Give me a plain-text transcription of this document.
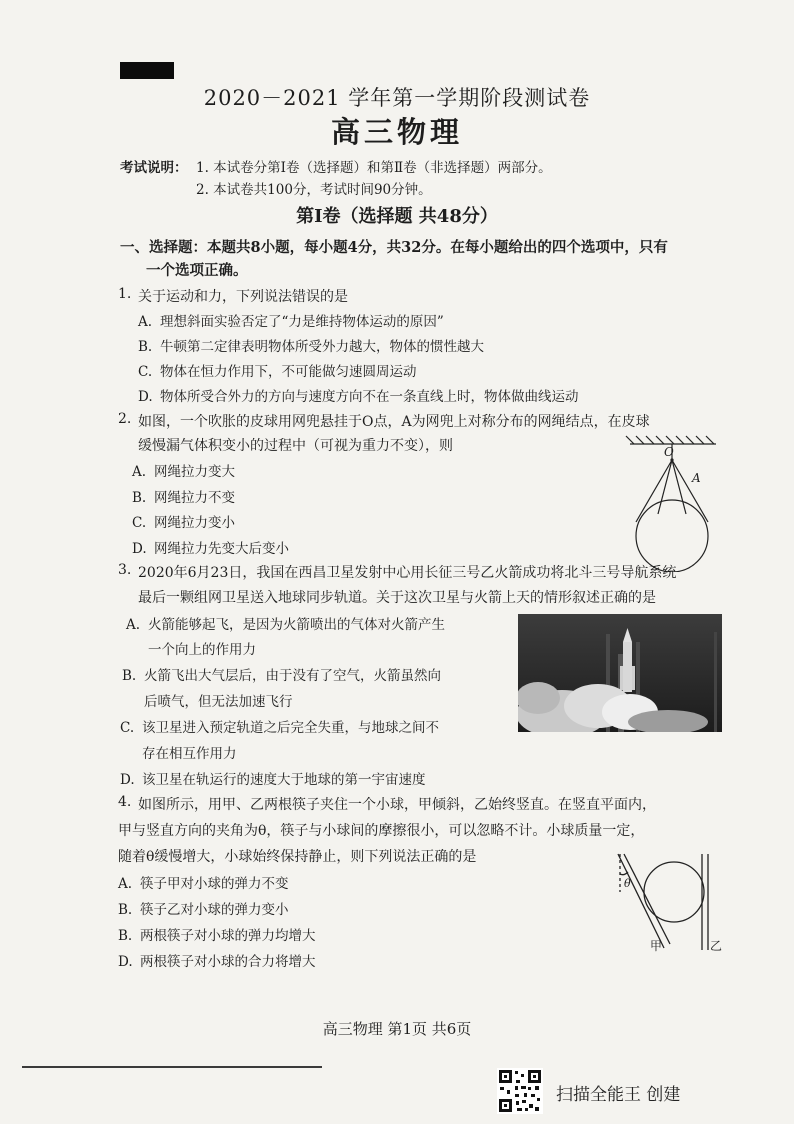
2020－2021 学年第一学期阶段测试卷
高三物理
考试说明： 1. 本试卷分第Ⅰ卷（选择题）和第Ⅱ卷（非选择题）两部分。
2. 本试卷共100分，考试时间90分钟。
第Ⅰ卷（选择题 共48分）
一、选择题：本题共8小题，每小题4分，共32分。在每小题给出的四个选项中，只有
一个选项正确。
1. 关于运动和力，下列说法错误的是
A. 理想斜面实验否定了“力是维持物体运动的原因”
B. 牛顿第二定律表明物体所受外力越大，物体的惯性越大
C. 物体在恒力作用下，不可能做匀速圆周运动
D. 物体所受合外力的方向与速度方向不在一条直线上时，物体做曲线运动
2. 如图，一个吹胀的皮球用网兜悬挂于O点，A为网兜上对称分布的网绳结点，在皮球
缓慢漏气体积变小的过程中（可视为重力不变），则
A. 网绳拉力变大
B. 网绳拉力不变
C. 网绳拉力变小
D. 网绳拉力先变大后变小
O
A
3. 2020年6月23日，我国在西昌卫星发射中心用长征三号乙火箭成功将北斗三号导航系统
最后一颗组网卫星送入地球同步轨道。关于这次卫星与火箭上天的情形叙述正确的是
A. 火箭能够起飞，是因为火箭喷出的气体对火箭产生
一个向上的作用力
B. 火箭飞出大气层后，由于没有了空气，火箭虽然向
后喷气，但无法加速飞行
C. 该卫星进入预定轨道之后完全失重，与地球之间不
存在相互作用力
D. 该卫星在轨运行的速度大于地球的第一宇宙速度
4. 如图所示，用甲、乙两根筷子夹住一个小球，甲倾斜，乙始终竖直。在竖直平面内，
甲与竖直方向的夹角为θ，筷子与小球间的摩擦很小，可以忽略不计。小球质量一定，
随着θ缓慢增大，小球始终保持静止，则下列说法正确的是
A. 筷子甲对小球的弹力不变
B. 筷子乙对小球的弹力变小
B. 两根筷子对小球的弹力均增大
D. 两根筷子对小球的合力将增大
θ
甲	乙
高三物理 第1页 共6页
扫描全能王 创建
